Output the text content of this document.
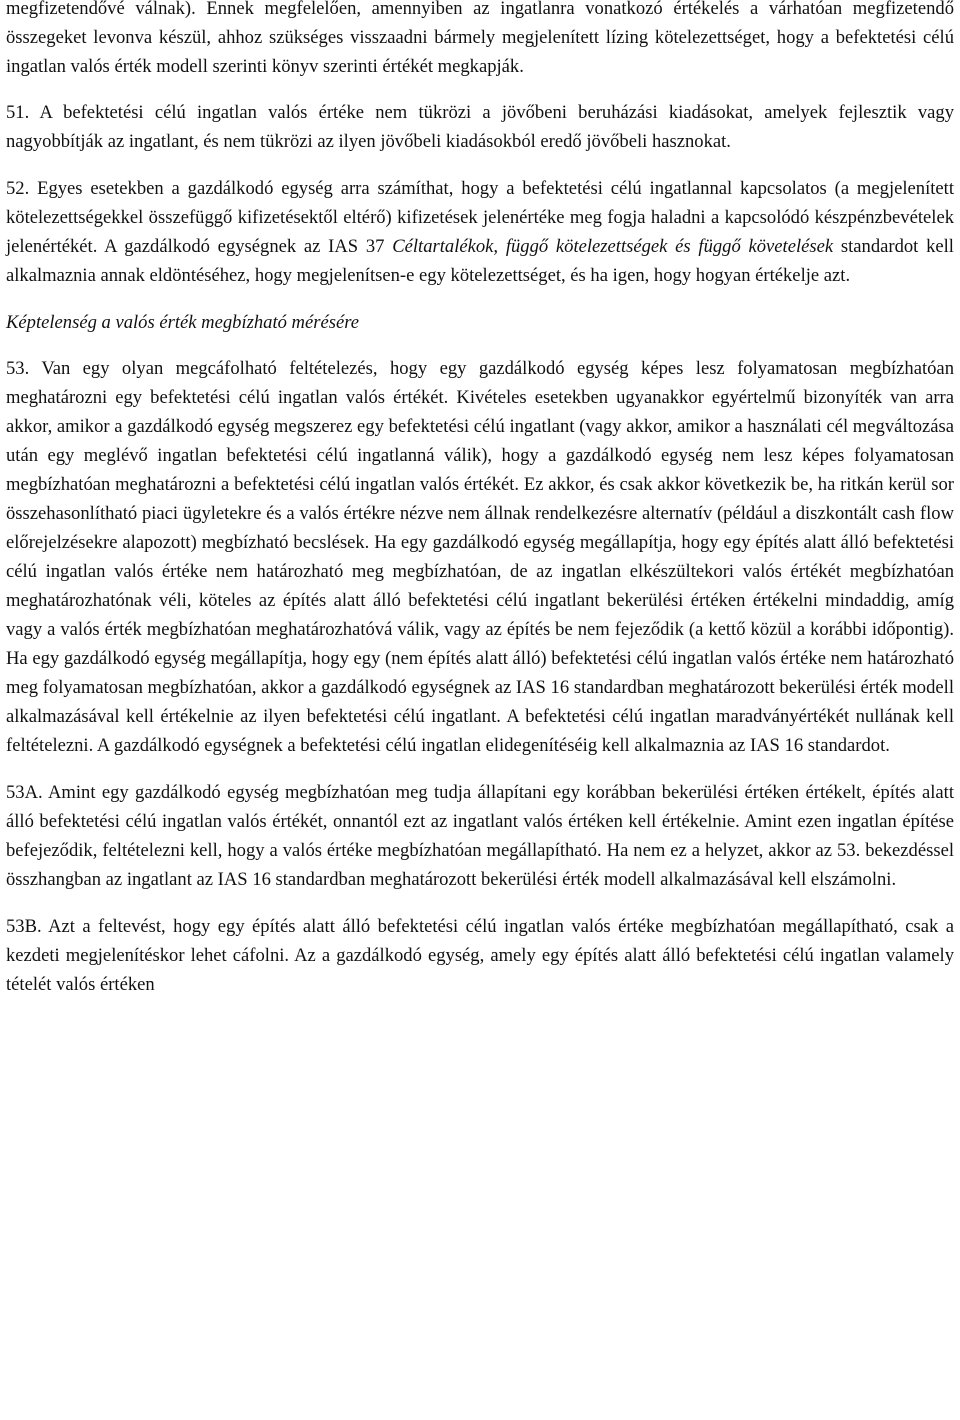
megfizetendővé válnak). Ennek megfelelően, amennyiben az ingatlanra vonatkozó értékelés a várhatóan megfizetendő összegeket levonva készül, ahhoz szükséges visszaadni bármely megjelenített lízing kötelezettséget, hogy a befektetési célú ingatlan valós érték modell szerinti könyv szerinti értékét megkapják.

51. A befektetési célú ingatlan valós értéke nem tükrözi a jövőbeni beruházási kiadásokat, amelyek fejlesztik vagy nagyobbítják az ingatlant, és nem tükrözi az ilyen jövőbeli kiadásokból eredő jövőbeli hasznokat.

52. Egyes esetekben a gazdálkodó egység arra számíthat, hogy a befektetési célú ingatlannal kapcsolatos (a megjelenített kötelezettségekkel összefüggő kifizetésektől eltérő) kifizetések jelenértéke meg fogja haladni a kapcsolódó készpénzbevételek jelenértékét. A gazdálkodó egységnek az IAS 37 Céltartalékok, függő kötelezettségek és függő követelések standardot kell alkalmaznia annak eldöntéséhez, hogy megjelenítsen-e egy kötelezettséget, és ha igen, hogy hogyan értékelje azt.

Képtelenség a valós érték megbízható mérésére

53. Van egy olyan megcáfolható feltételezés, hogy egy gazdálkodó egység képes lesz folyamatosan megbízhatóan meghatározni egy befektetési célú ingatlan valós értékét. Kivételes esetekben ugyanakkor egyértelmű bizonyíték van arra akkor, amikor a gazdálkodó egység megszerez egy befektetési célú ingatlant (vagy akkor, amikor a használati cél megváltozása után egy meglévő ingatlan befektetési célú ingatlanná válik), hogy a gazdálkodó egység nem lesz képes folyamatosan megbízhatóan meghatározni a befektetési célú ingatlan valós értékét. Ez akkor, és csak akkor következik be, ha ritkán kerül sor összehasonlítható piaci ügyletekre és a valós értékre nézve nem állnak rendelkezésre alternatív (például a diszkontált cash flow előrejelzésekre alapozott) megbízható becslések. Ha egy gazdálkodó egység megállapítja, hogy egy építés alatt álló befektetési célú ingatlan valós értéke nem határozható meg megbízhatóan, de az ingatlan elkészültekori valós értékét megbízhatóan meghatározhatónak véli, köteles az építés alatt álló befektetési célú ingatlant bekerülési értéken értékelni mindaddig, amíg vagy a valós érték megbízhatóan meghatározhatóvá válik, vagy az építés be nem fejeződik (a kettő közül a korábbi időpontig). Ha egy gazdálkodó egység megállapítja, hogy egy (nem építés alatt álló) befektetési célú ingatlan valós értéke nem határozható meg folyamatosan megbízhatóan, akkor a gazdálkodó egységnek az IAS 16 standardban meghatározott bekerülési érték modell alkalmazásával kell értékelnie az ilyen befektetési célú ingatlant. A befektetési célú ingatlan maradványértékét nullának kell feltételezni. A gazdálkodó egységnek a befektetési célú ingatlan elidegenítéséig kell alkalmaznia az IAS 16 standardot.

53A. Amint egy gazdálkodó egység megbízhatóan meg tudja állapítani egy korábban bekerülési értéken értékelt, építés alatt álló befektetési célú ingatlan valós értékét, onnantól ezt az ingatlant valós értéken kell értékelnie. Amint ezen ingatlan építése befejeződik, feltételezni kell, hogy a valós értéke megbízhatóan megállapítható. Ha nem ez a helyzet, akkor az 53. bekezdéssel összhangban az ingatlant az IAS 16 standardban meghatározott bekerülési érték modell alkalmazásával kell elszámolni.

53B. Azt a feltevést, hogy egy építés alatt álló befektetési célú ingatlan valós értéke megbízhatóan megállapítható, csak a kezdeti megjelenítéskor lehet cáfolni. Az a gazdálkodó egység, amely egy építés alatt álló befektetési célú ingatlan valamely tételét valós értéken
